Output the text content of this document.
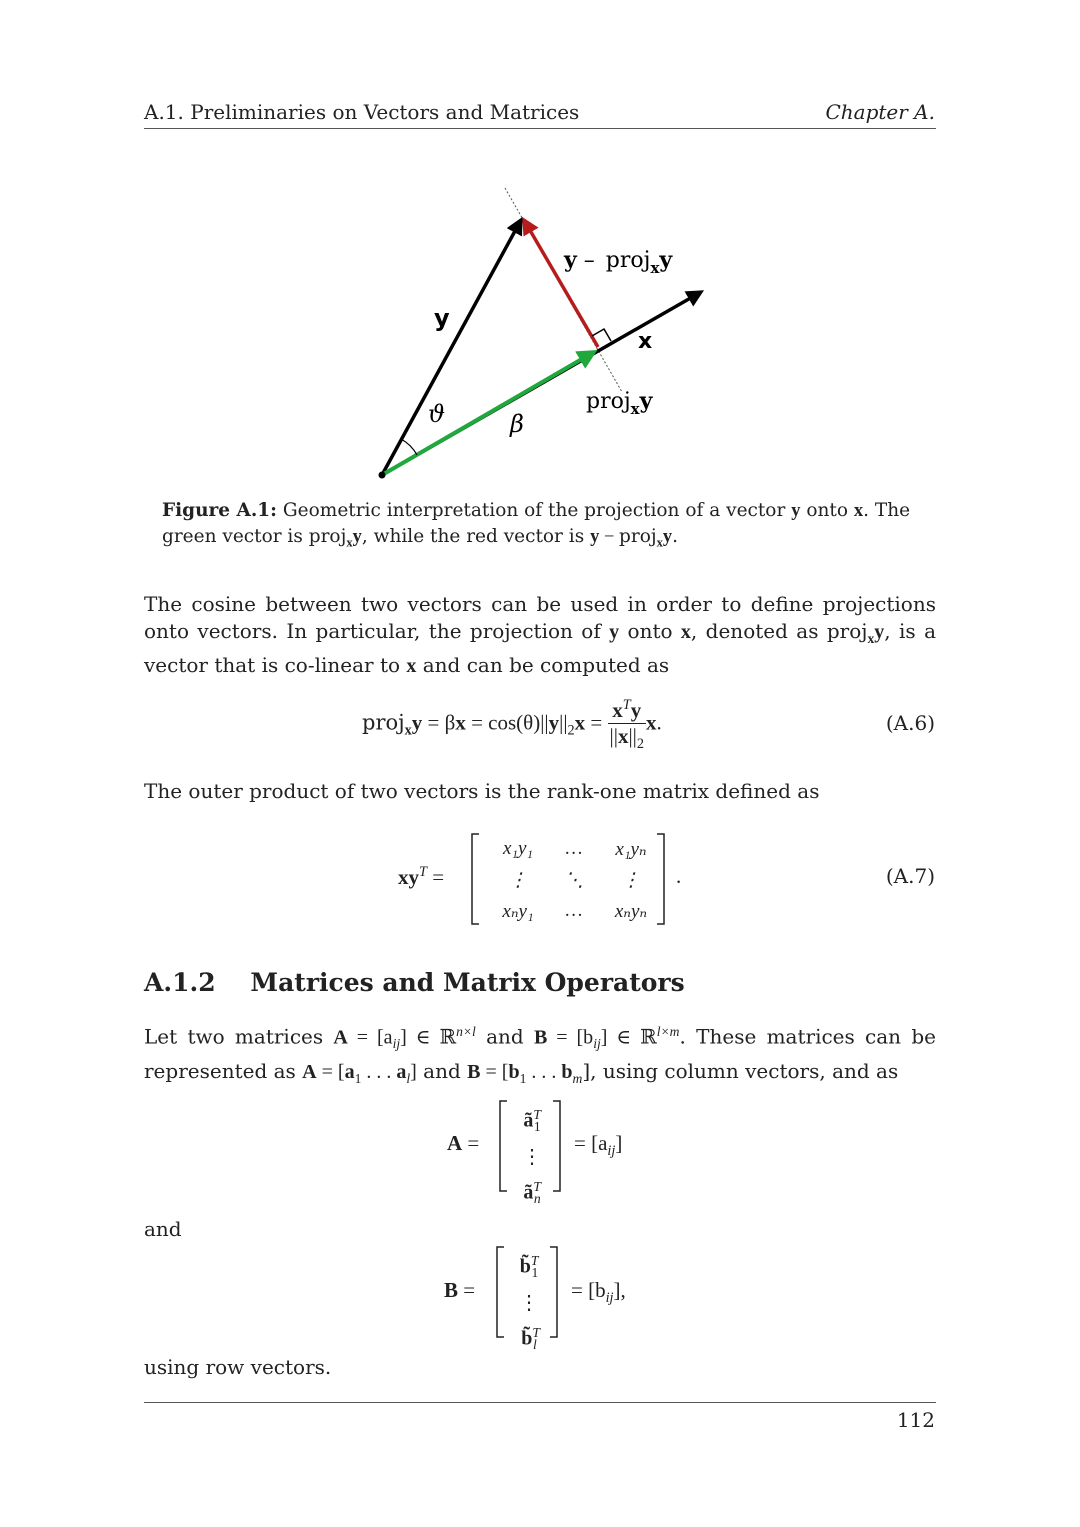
A.1. Preliminaries on Vectors and Matrices	Chapter A.
y
x
y – proj$_x$y
proj$_x$y
ϑ	β
Figure A.1: Geometric interpretation of the projection of a vector y onto x. The green vector is proj$_x$y, while the red vector is y − proj$_x$y.
The cosine between two vectors can be used in order to define projections onto vectors. In particular, the projection of y onto x, denoted as proj$_x$y, is a vector that is co-linear to x and can be computed as
proj$_x$y = $\beta x = \cos(\theta)||y||_2x = \frac{x^Ty}{||x||_2} x$.	(A.6)
The outer product of two vectors is the rank-one matrix defined as
$xy^T$ =
x₁y₁	…	x₁yₙ
⋮	⋱	⋮
xₙy₁	…	xₙyₙ
.	(A.7)
A.1.2    Matrices and Matrix Operators
Let two matrices $A = [a_{ij}]$ ∈ ℝ$^{n\times l}$ and $B = [b_{ij}]$ ∈ ℝ$^{l\times m}$. These matrices can be represented as $A = [a_1$ . . . $a_l$] and $B = [b_1$ . . . $b_m$], using column vectors, and as
A =
$ã^T_1$
⋮
$ã^T_n$
= $[a_{ij}]$
and
B =
b̃$^T_1$
⋮
b̃$^T_l$
= $[b_{ij}]$,
using row vectors.
112
